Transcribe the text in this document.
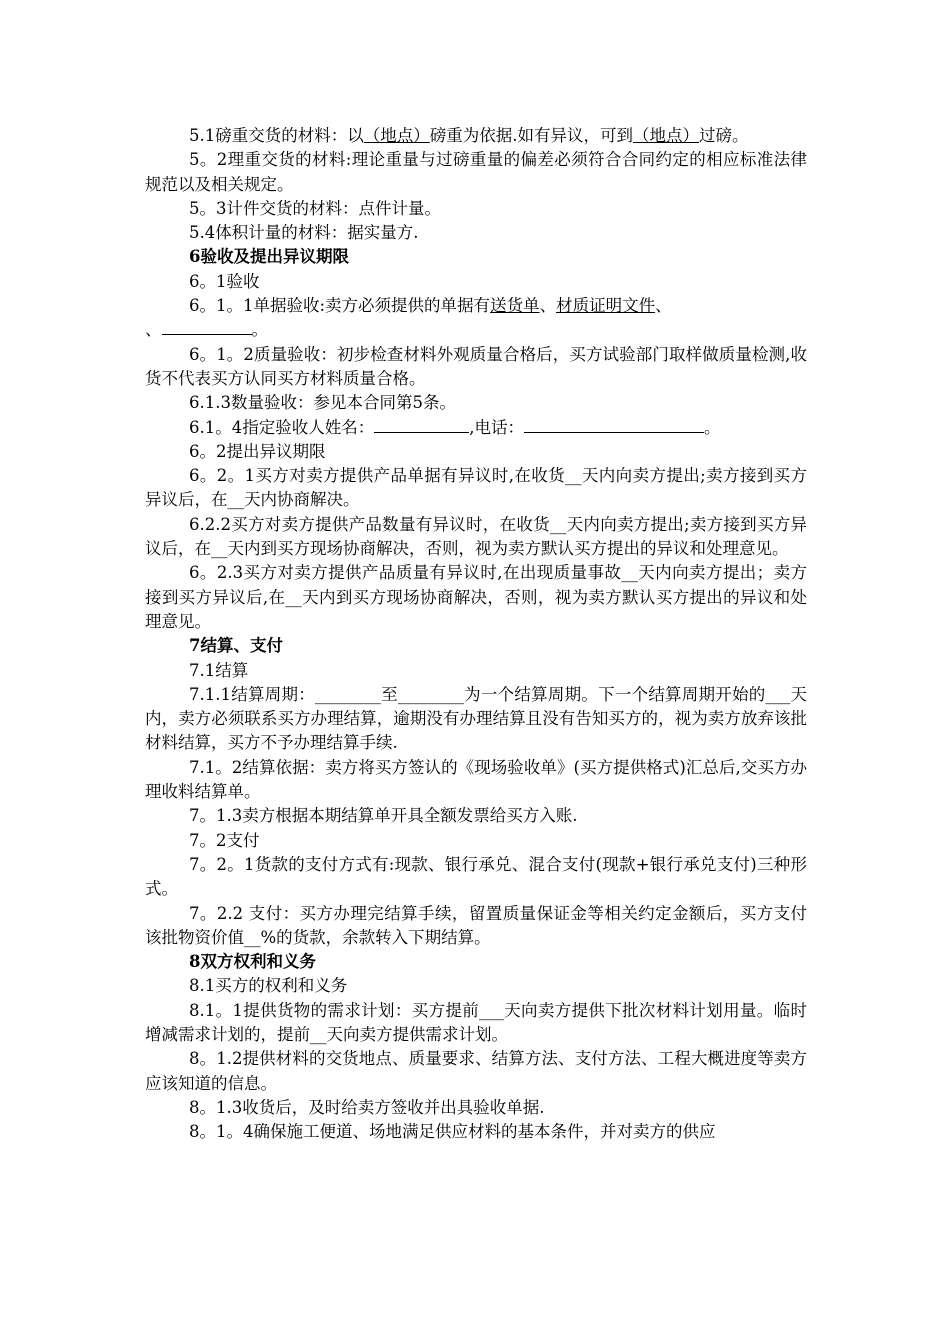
5.1磅重交货的材料：以（地点）磅重为依据.如有异议，可到（地点）过磅。

5。2理重交货的材料:理论重量与过磅重量的偏差必须符合合同约定的相应标准法律规范以及相关规定。

5。3计件交货的材料：点件计量。

5.4体积计量的材料：据实量方.

6验收及提出异议期限

6。1验收

6。1。1单据验收:卖方必须提供的单据有送货单、材质证明文件、
、	。

6。1。2质量验收：初步检查材料外观质量合格后，买方试验部门取样做质量检测,收货不代表买方认同买方材料质量合格。

6.1.3数量验收：参见本合同第5条。

6.1。4指定验收人姓名：	,电话：	。

6。2提出异议期限

6。2。1买方对卖方提供产品单据有异议时,在收货__天内向卖方提出;卖方接到买方异议后，在__天内协商解决。

6.2.2买方对卖方提供产品数量有异议时，在收货__天内向卖方提出;卖方接到买方异议后，在__天内到买方现场协商解决，否则，视为卖方默认买方提出的异议和处理意见。

6。2.3买方对卖方提供产品质量有异议时,在出现质量事故__天内向卖方提出；卖方接到买方异议后,在__天内到买方现场协商解决，否则，视为卖方默认买方提出的异议和处理意见。

7结算、支付

7.1结算

7.1.1结算周期：________至________为一个结算周期。下一个结算周期开始的___天内，卖方必须联系买方办理结算，逾期没有办理结算且没有告知买方的，视为卖方放弃该批材料结算，买方不予办理结算手续.

7.1。2结算依据：卖方将买方签认的《现场验收单》(买方提供格式)汇总后,交买方办理收料结算单。

7。1.3卖方根据本期结算单开具全额发票给买方入账.

7。2支付

7。2。1货款的支付方式有:现款、银行承兑、混合支付(现款+银行承兑支付)三种形式。

7。2.2 支付：买方办理完结算手续，留置质量保证金等相关约定金额后，买方支付该批物资价值__%的货款，余款转入下期结算。

8双方权利和义务

8.1买方的权利和义务

8.1。1提供货物的需求计划：买方提前___天向卖方提供下批次材料计划用量。临时增减需求计划的，提前__天向卖方提供需求计划。

8。1.2提供材料的交货地点、质量要求、结算方法、支付方法、工程大概进度等卖方应该知道的信息。

8。1.3收货后，及时给卖方签收并出具验收单据.

8。1。4确保施工便道、场地满足供应材料的基本条件，并对卖方的供应
